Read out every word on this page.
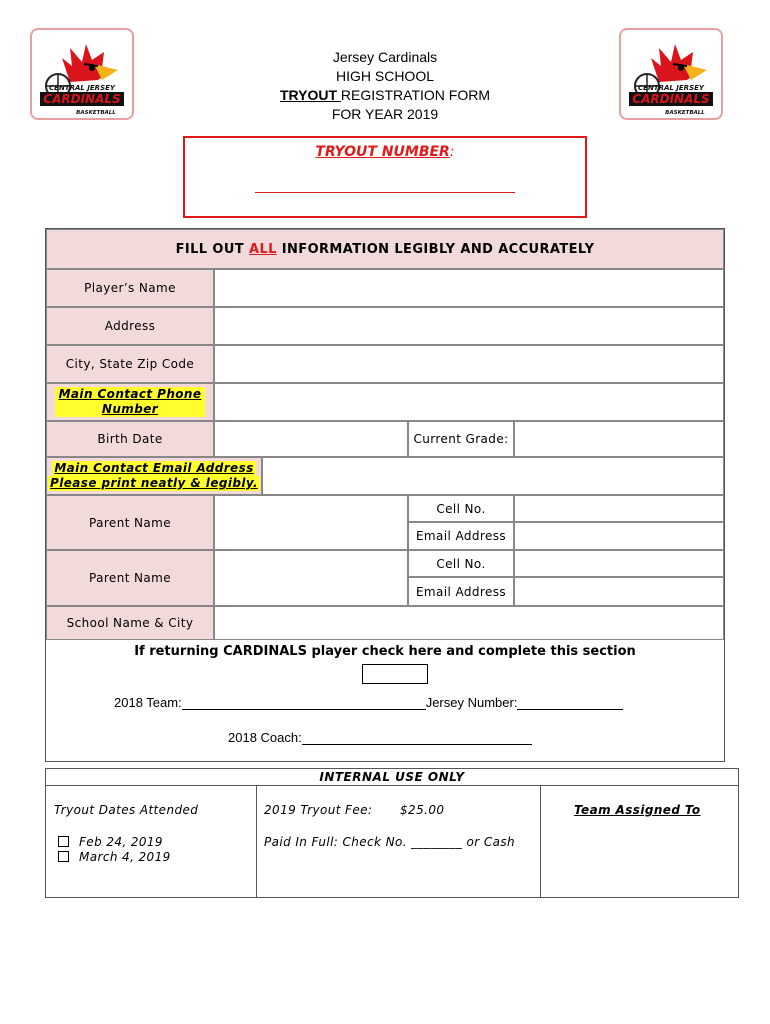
CENTRAL JERSEY
CARDINALS
BASKETBALL
CENTRAL JERSEY
CARDINALS
BASKETBALL
Jersey Cardinals
HIGH SCHOOL
TRYOUT REGISTRATION FORM
FOR YEAR 2019
TRYOUT NUMBER:
FILL OUT ALL INFORMATION LEGIBLY AND ACCURATELY
Player’s Name
Address
City, State Zip Code
Main Contact Phone Number
Birth Date	Current Grade:
Main Contact Email Address
Please print neatly & legibly.
Parent Name
Cell No.
Email Address
Parent Name
Cell No.
Email Address
School Name & City
If returning CARDINALS player check here and complete this section
2018 Team:	Jersey Number:
2018 Coach:
INTERNAL USE ONLY
Tryout Dates Attended
Feb 24, 2019
March 4, 2019
2019 Tryout Fee: $25.00
Paid In Full: Check No. ________ or Cash
Team Assigned To
